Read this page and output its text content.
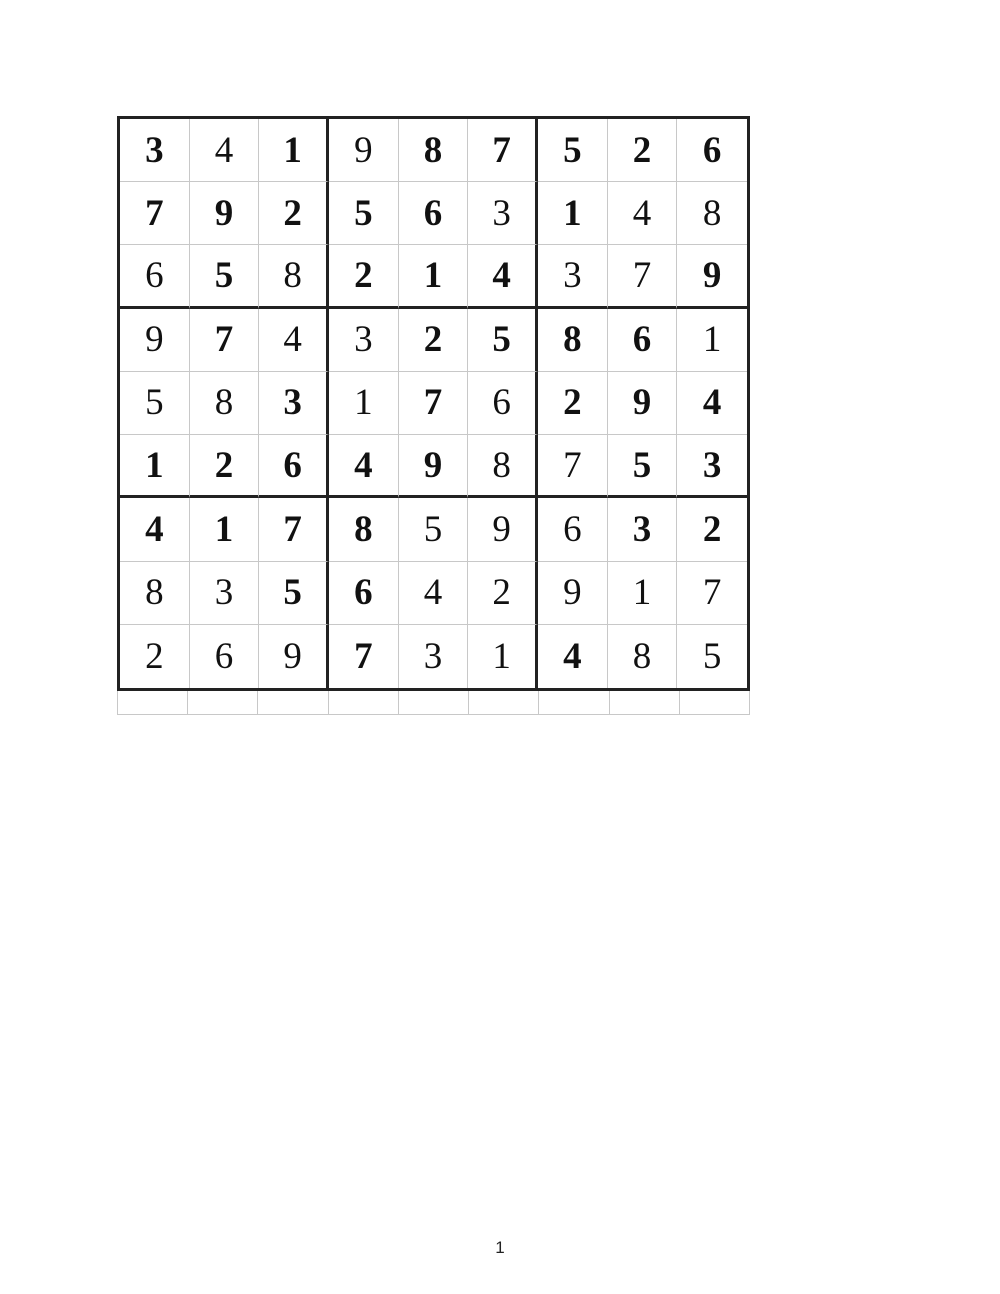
3	4	1	9	8	7	5	2	6
7	9	2	5	6	3	1	4	8
6	5	8	2	1	4	3	7	9
9	7	4	3	2	5	8	6	1
5	8	3	1	7	6	2	9	4
1	2	6	4	9	8	7	5	3
4	1	7	8	5	9	6	3	2
8	3	5	6	4	2	9	1	7
2	6	9	7	3	1	4	8	5
1
